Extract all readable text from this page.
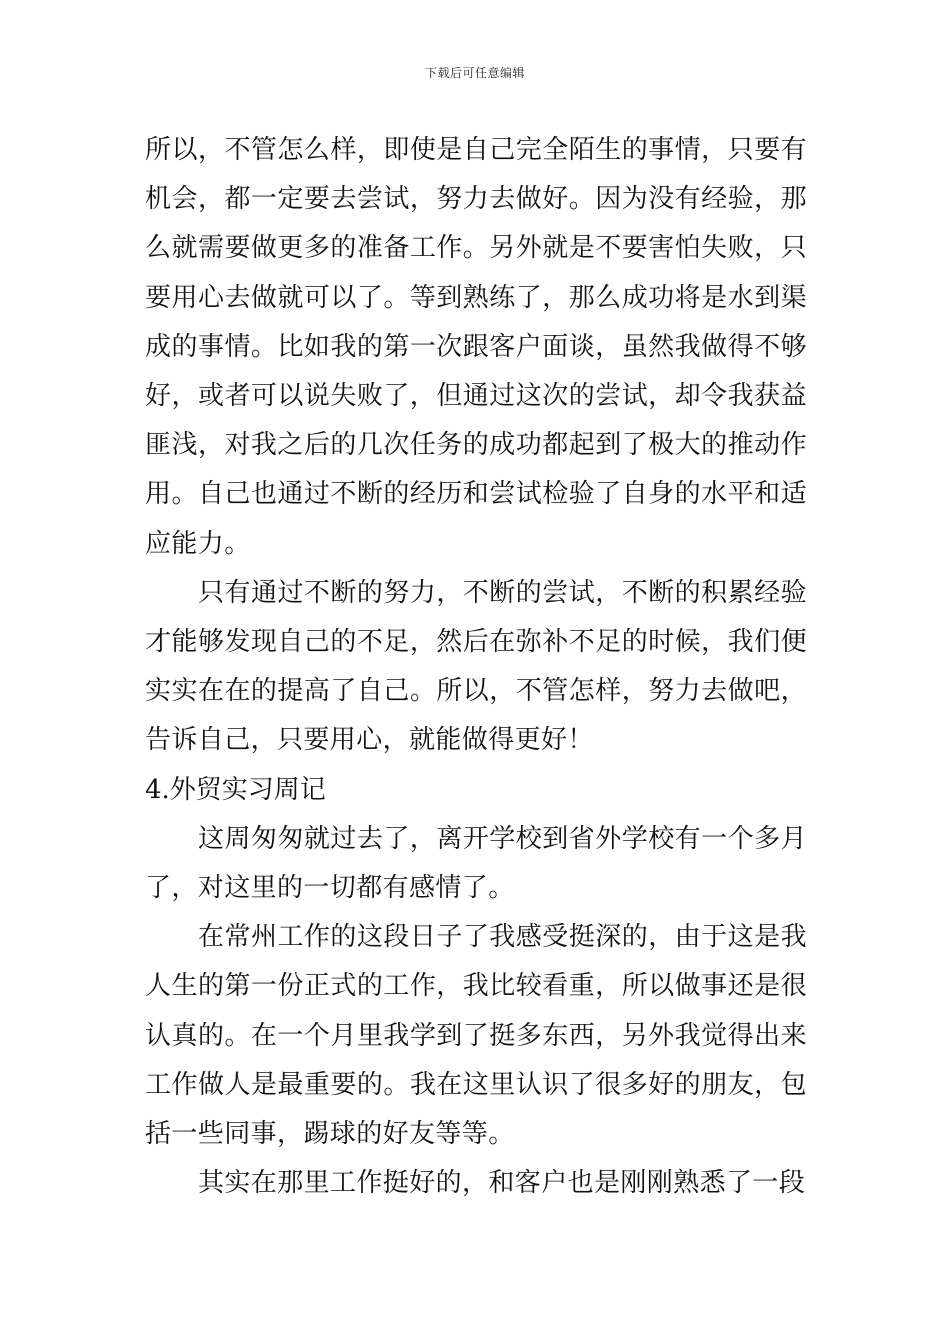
下载后可任意编辑

所以，不管怎么样，即使是自己完全陌生的事情，只要有机会，都一定要去尝试，努力去做好。因为没有经验，那么就需要做更多的准备工作。另外就是不要害怕失败，只要用心去做就可以了。等到熟练了，那么成功将是水到渠成的事情。比如我的第一次跟客户面谈，虽然我做得不够好，或者可以说失败了，但通过这次的尝试，却令我获益匪浅，对我之后的几次任务的成功都起到了极大的推动作用。自己也通过不断的经历和尝试检验了自身的水平和适应能力。

只有通过不断的努力，不断的尝试，不断的积累经验才能够发现自己的不足，然后在弥补不足的时候，我们便实实在在的提高了自己。所以，不管怎样，努力去做吧，告诉自己，只要用心，就能做得更好！

4.外贸实习周记

这周匆匆就过去了，离开学校到省外学校有一个多月了，对这里的一切都有感情了。

在常州工作的这段日子了我感受挺深的，由于这是我人生的第一份正式的工作，我比较看重，所以做事还是很认真的。在一个月里我学到了挺多东西，另外我觉得出来工作做人是最重要的。我在这里认识了很多好的朋友，包括一些同事，踢球的好友等等。

其实在那里工作挺好的，和客户也是刚刚熟悉了一段
